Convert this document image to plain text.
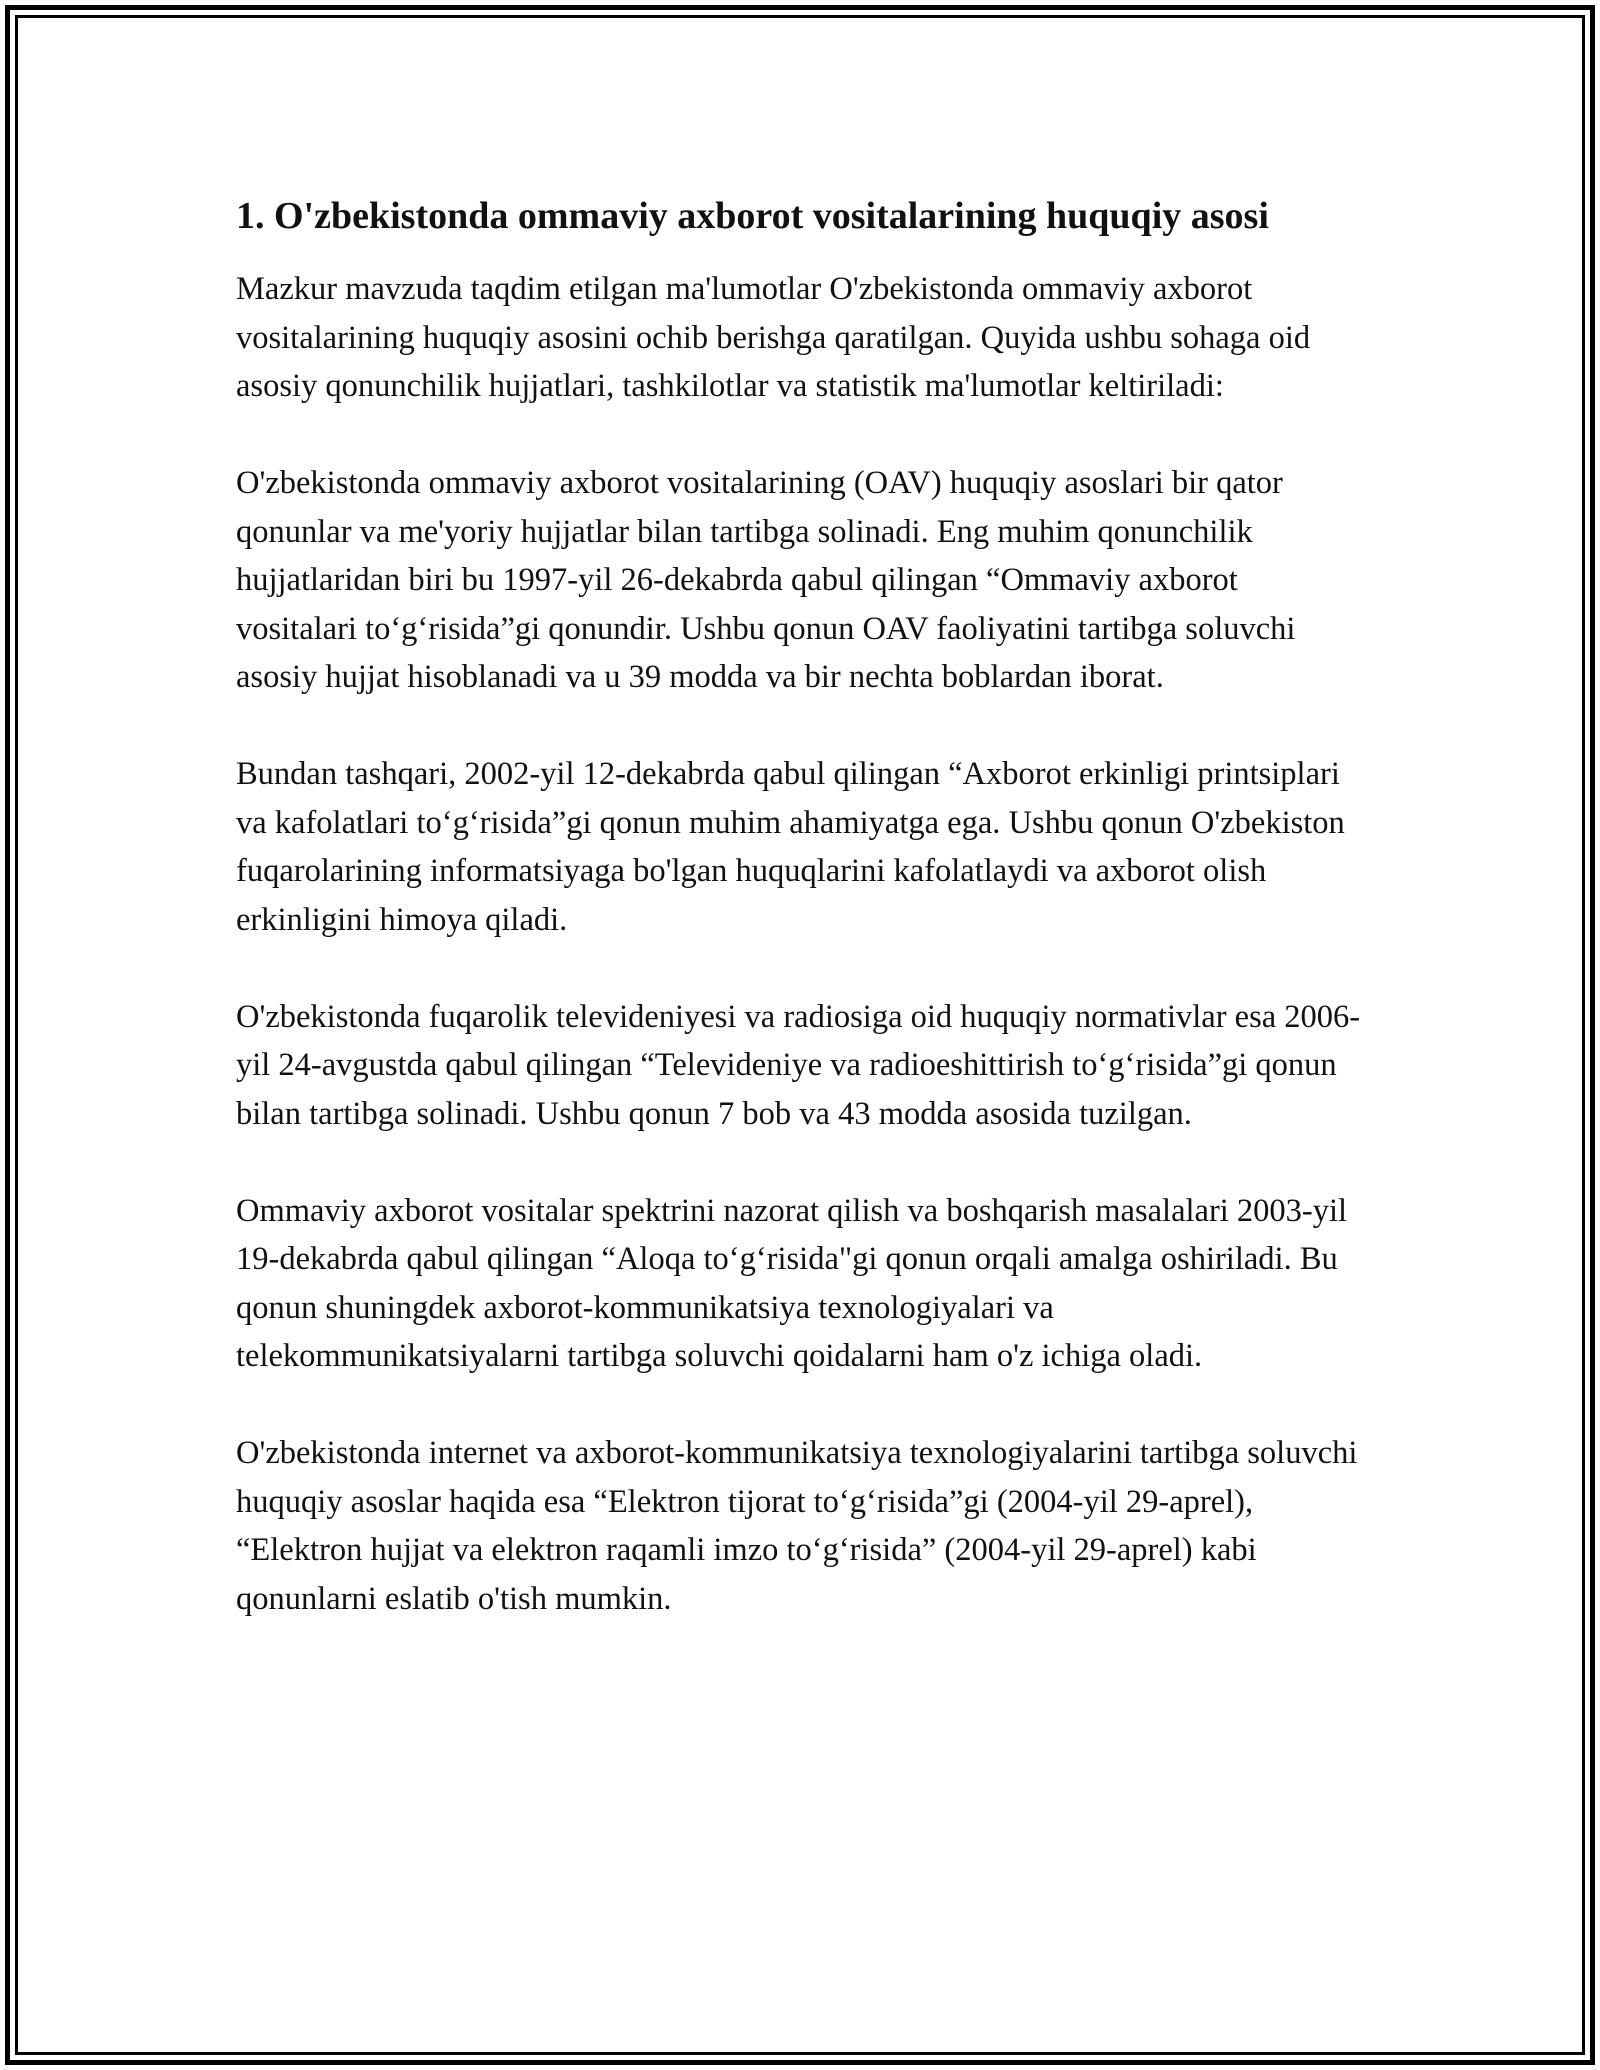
1. O'zbekistonda ommaviy axborot vositalarining huquqiy asosi

Mazkur mavzuda taqdim etilgan ma'lumotlar O'zbekistonda ommaviy axborot vositalarining huquqiy asosini ochib berishga qaratilgan. Quyida ushbu sohaga oid asosiy qonunchilik hujjatlari, tashkilotlar va statistik ma'lumotlar keltiriladi:

O'zbekistonda ommaviy axborot vositalarining (OAV) huquqiy asoslari bir qator qonunlar va me'yoriy hujjatlar bilan tartibga solinadi. Eng muhim qonunchilik hujjatlaridan biri bu 1997-yil 26-dekabrda qabul qilingan “Ommaviy axborot vositalari to‘g‘risida”gi qonundir. Ushbu qonun OAV faoliyatini tartibga soluvchi asosiy hujjat hisoblanadi va u 39 modda va bir nechta boblardan iborat.

Bundan tashqari, 2002-yil 12-dekabrda qabul qilingan “Axborot erkinligi printsiplari va kafolatlari to‘g‘risida”gi qonun muhim ahamiyatga ega. Ushbu qonun O'zbekiston fuqarolarining informatsiyaga bo'lgan huquqlarini kafolatlaydi va axborot olish erkinligini himoya qiladi.

O'zbekistonda fuqarolik televideniyesi va radiosiga oid huquqiy normativlar esa 2006-yil 24-avgustda qabul qilingan “Televideniye va radioeshittirish to‘g‘risida”gi qonun bilan tartibga solinadi. Ushbu qonun 7 bob va 43 modda asosida tuzilgan.

Ommaviy axborot vositalar spektrini nazorat qilish va boshqarish masalalari 2003-yil 19-dekabrda qabul qilingan “Aloqa to‘g‘risida"gi qonun orqali amalga oshiriladi. Bu qonun shuningdek axborot-kommunikatsiya texnologiyalari va telekommunikatsiyalarni tartibga soluvchi qoidalarni ham o'z ichiga oladi.

O'zbekistonda internet va axborot-kommunikatsiya texnologiyalarini tartibga soluvchi huquqiy asoslar haqida esa “Elektron tijorat to‘g‘risida”gi (2004-yil 29-aprel), “Elektron hujjat va elektron raqamli imzo to‘g‘risida” (2004-yil 29-aprel) kabi qonunlarni eslatib o'tish mumkin.
